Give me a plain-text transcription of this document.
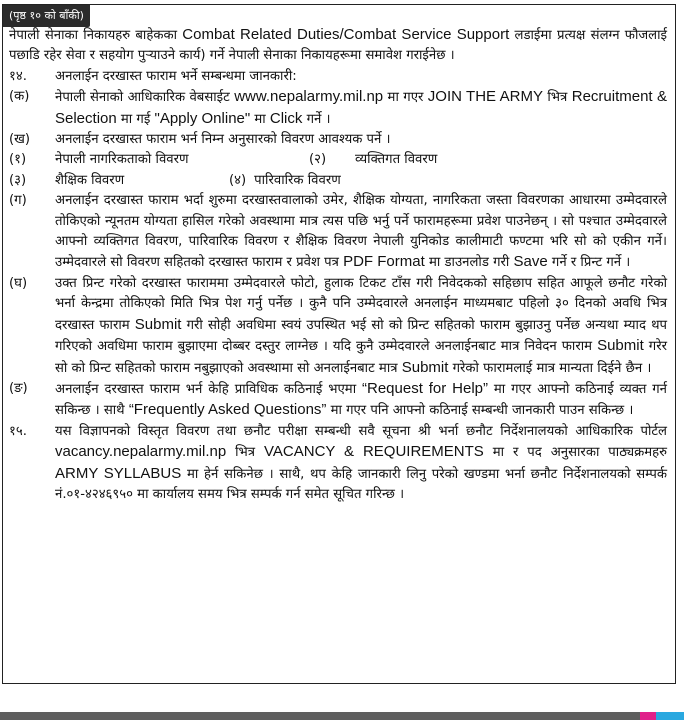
(पृष्ठ १० को बाँकी)

नेपाली सेनाका निकायहरु बाहेकका Combat Related Duties/Combat Service Support लडाईमा प्रत्यक्ष संलग्न फौजलाई पछाडि रहेर सेवा र सहयोग पुऱ्याउने कार्य) गर्ने नेपाली सेनाका निकायहरूमा समावेश गराईनेछ ।

१४.	अनलाईन दरखास्त फाराम भर्ने सम्बन्धमा जानकारी:
(क)	नेपाली सेनाको आधिकारिक वेबसाईट www.nepalarmy.mil.np मा गएर JOIN THE ARMY भित्र Recruitment & Selection मा गई "Apply Online" मा Click गर्ने ।
(ख)	अनलाईन दरखास्त फाराम भर्न निम्न अनुसारको विवरण आवश्यक पर्ने ।
(१)	नेपाली नागरिकताको विवरण	(२)	व्यक्तिगत विवरण
(३)	शैक्षिक विवरण	(४) पारिवारिक विवरण
(ग)	अनलाईन दरखास्त फाराम भर्दा शुरुमा दरखास्तवालाको उमेर, शैक्षिक योग्यता, नागरिकता जस्ता विवरणका आधारमा उम्मेदवारले तोकिएको न्यूनतम योग्यता हासिल गरेको अवस्थामा मात्र त्यस पछि भर्नु पर्ने फारामहरूमा प्रवेश पाउनेछन् । सो पश्चात उम्मेदवारले आफ्नो व्यक्तिगत विवरण, पारिवारिक विवरण र शैक्षिक विवरण नेपाली युनिकोड कालीमाटी फण्टमा भरि सो को एकीन गर्ने। उम्मेदवारले सो विवरण सहितको दरखास्त फाराम र प्रवेश पत्र PDF Format मा डाउनलोड गरी Save गर्ने र प्रिन्ट गर्ने ।
(घ)	उक्त प्रिन्ट गरेको दरखास्त फाराममा उम्मेदवारले फोटो, हुलाक टिकट टाँस गरी निवेदकको सहिछाप सहित आफूले छनौट गरेको भर्ना केन्द्रमा तोकिएको मिति भित्र पेश गर्नु पर्नेछ । कुनै पनि उम्मेदवारले अनलाईन माध्यमबाट पहिलो ३० दिनको अवधि भित्र दरखास्त फाराम Submit गरी सोही अवधिमा स्वयं उपस्थित भई सो को प्रिन्ट सहितको फाराम बुझाउनु पर्नेछ अन्यथा म्याद थप गरिएको अवधिमा फाराम बुझाएमा दोब्बर दस्तुर लाग्नेछ । यदि कुनै उम्मेदवारले अनलाईनबाट मात्र निवेदन फाराम Submit गरेर सो को प्रिन्ट सहितको फाराम नबुझाएको अवस्थामा सो अनलाईनबाट मात्र Submit गरेको फारामलाई मात्र मान्यता दिईने छैन ।
(ङ)	अनलाईन दरखास्त फाराम भर्न केहि प्राविधिक कठिनाई भएमा “Request for Help” मा गएर आफ्नो कठिनाई व्यक्त गर्न सकिन्छ । साथै “Frequently Asked Questions” मा गएर पनि आफ्नो कठिनाई सम्बन्धी जानकारी पाउन सकिन्छ ।
१५.	यस विज्ञापनको विस्तृत विवरण तथा छनौट परीक्षा सम्बन्धी सवै सूचना श्री भर्ना छनौट निर्देशनालयको आधिकारिक पोर्टल vacancy.nepalarmy.mil.np भित्र VACANCY & REQUIREMENTS मा र पद अनुसारका पाठ्यक्रमहरु ARMY SYLLABUS मा हेर्न सकिनेछ । साथै, थप केहि जानकारी लिनु परेको खण्डमा भर्ना छनौट निर्देशनालयको सम्पर्क नं.०१-४२४६९५० मा कार्यालय समय भित्र सम्पर्क गर्न समेत सूचित गरिन्छ ।
